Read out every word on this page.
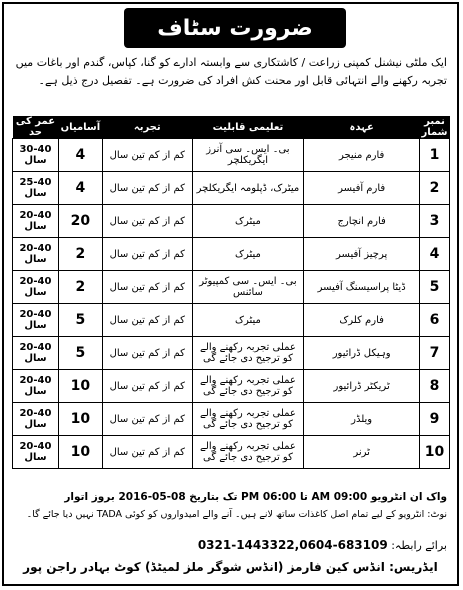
ضرورت سٹاف
ایک ملٹی نیشنل کمپنی زراعت / کاشتکاری سے وابستہ ادارے کو گنا، کپاس، گندم اور باغات میں تجربہ رکھنے والے انتہائی قابل اور محنت کش افراد کی ضرورت ہے۔ تفصیل درج ذیل ہے۔
عمر کی حد	آسامیاں	تجربہ	تعلیمی قابلیت	عہدہ	نمبر شمار
30-40 سال	4	کم از کم تین سال	بی۔ ایس۔ سی آنرز ایگریکلچر	فارم منیجر	1
25-40 سال	4	کم از کم تین سال	میٹرک، ڈپلومہ ایگریکلچر	فارم آفیسر	2
20-40 سال	20	کم از کم تین سال	میٹرک	فارم انچارج	3
20-40 سال	2	کم از کم تین سال	میٹرک	پرچیز آفیسر	4
20-40 سال	2	کم از کم تین سال	بی۔ ایس۔ سی کمپیوٹر سائنس	ڈیٹا پراسیسنگ آفیسر	5
20-40 سال	5	کم از کم تین سال	میٹرک	فارم کلرک	6
20-40 سال	5	کم از کم تین سال	عملی تجربہ رکھنے والے کو ترجیح دی جائے گی	وہیکل ڈرائیور	7
20-40 سال	10	کم از کم تین سال	عملی تجربہ رکھنے والے کو ترجیح دی جائے گی	ٹریکٹر ڈرائیور	8
20-40 سال	10	کم از کم تین سال	عملی تجربہ رکھنے والے کو ترجیح دی جائے گی	ویلڈر	9
20-40 سال	10	کم از کم تین سال	عملی تجربہ رکھنے والے کو ترجیح دی جائے گی	ٹرنر	10
واک ان انٹرویو 09:00 AM تا 06:00 PM تک بتاریخ 08-05-2016 بروز اتوار
نوٹ: انٹرویو کے لیے تمام اصل کاغذات ساتھ لانے ہیں۔ آنے والے امیدواروں کو کوئی TADA نہیں دیا جائے گا۔
برائے رابطہ: 0321-1443322,0604-683109
ایڈریس: انڈس کین فارمز (انڈس شوگر ملز لمیٹڈ) کوٹ بہادر راجن پور
